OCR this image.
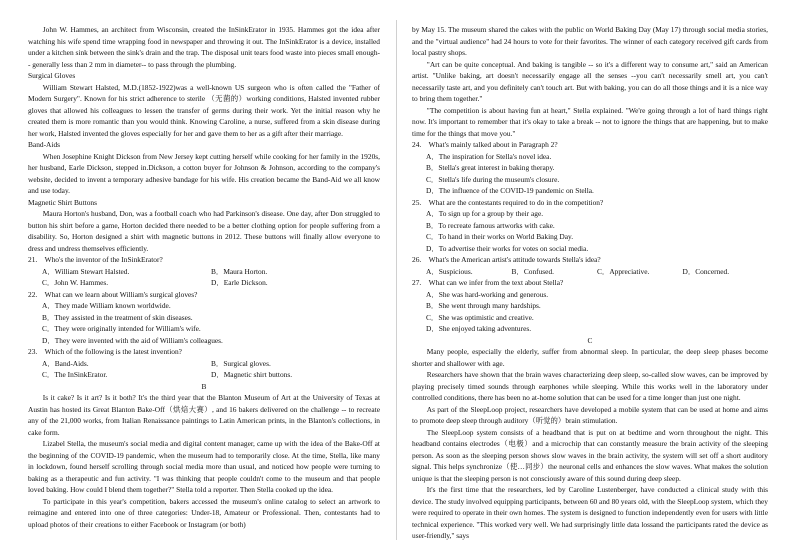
John W. Hammes, an architect from Wisconsin, created the InSinkErator in 1935. Hammes got the idea after watching his wife spend time wrapping food in newspaper and throwing it out. The InSinkErator is a device, installed under a kitchen sink between the sink's drain and the trap. The disposal unit tears food waste into pieces small enough-- generally less than 2 mm in diameter-- to pass through the plumbing.

Surgical Gloves

William Stewart Halsted, M.D.(1852-1922)was a well-known US surgeon who is often called the "Father of Modern Surgery". Known for his strict adherence to sterile （无菌的）working conditions, Halsted invented rubber gloves that allowed his colleagues to lessen the transfer of germs during their work. Yet the initial reason why he created them is more romantic than you would think. Knowing Caroline, a nurse, suffered from a skin disease during her work, Halsted invented the gloves especially for her and gave them to her as a gift after their marriage.

Band-Aids

When Josephine Knight Dickson from New Jersey kept cutting herself while cooking for her family in the 1920s, her husband, Earle Dickson, stepped in.Dickson, a cotton buyer for Johnson & Johnson, according to the company's website, decided to invent a temporary adhesive bandage for his wife. His creation became the Band-Aid we all know and use today.

Magnetic Shirt Buttons

Maura Horton's husband, Don, was a football coach who had Parkinson's disease. One day, after Don struggled to button his shirt before a game, Horton decided there needed to be a better clothing option for people suffering from a disability. So, Horton designed a shirt with magnetic buttons in 2012. These buttons will finally allow everyone to dress and undress themselves efficiently.

21.　Who's the inventor of the InSinkErator?

A．William Stewart Halsted.	B．Maura Horton.
C．John W. Hammes.	D．Earle Dickson.

22.　What can we learn about William's surgical gloves?

A．They made William known worldwide.

B．They assisted in the treatment of skin diseases.

C．They were originally intended for William's wife.

D．They were invented with the aid of William's colleagues.

23.　Which of the following is the latest invention?

A．Band-Aids.	B．Surgical gloves.
C．The InSinkErator.	D．Magnetic shirt buttons.

B

Is it cake? Is it art? Is it both? It's the third year that the Blanton Museum of Art at the University of Texas at Austin has hosted its Great Blanton Bake-Off（烘焙大赛）, and 16 bakers delivered on the challenge -- to recreate any of the 21,000 works, from Italian Renaissance paintings to Latin American prints, in the Blanton's collections, in cake form.

Lizabel Stella, the museum's social media and digital content manager, came up with the idea of the Bake-Off at the beginning of the COVID-19 pandemic, when the museum had to temporarily close. At the time, Stella, like many in lockdown, found herself scrolling through social media more than usual, and noticed how people were turning to baking as a therapeutic and fun activity. "I was thinking that people couldn't come to the museum and that people loved baking. How could I blend them together?" Stella told a reporter. Then Stella cooked up the idea.

To participate in this year's competition, bakers accessed the museum's online catalog to select an artwork to reimagine and entered into one of three categories: Under-18, Amateur or Professional. Then, contestants had to upload photos of their creations to either Facebook or Instagram (or both)

by May 15. The museum shared the cakes with the public on World Baking Day (May 17) through social media stories, and the "virtual audience" had 24 hours to vote for their favorites. The winner of each category received gift cards from local pastry shops.

"Art can be quite conceptual. And baking is tangible -- so it's a different way to consume art," said an American artist. "Unlike baking, art doesn't necessarily engage all the senses --you can't necessarily smell art, you can't necessarily taste art, and you definitely can't touch art. But with baking, you can do all those things and it is a nice way to bring them together."

"The competition is about having fun at heart," Stella explained. "We're going through a lot of hard things right now. It's important to remember that it's okay to take a break -- not to ignore the things that are happening, but to make time for the things that move you."

24.　What's mainly talked about in Paragraph 2?

A．The inspiration for Stella's novel idea.

B．Stella's great interest in baking therapy.

C．Stella's life during the museum's closure.

D．The influence of the COVID-19 pandemic on Stella.

25.　What are the contestants required to do in the competition?

A．To sign up for a group by their age.

B．To recreate famous artworks with cake.

C．To hand in their works on World Baking Day.

D．To advertise their works for votes on social media.

26.　What's the American artist's attitude towards Stella's idea?

A．Suspicious.	B．Confused.	C．Appreciative.	D．Concerned.

27.　What can we infer from the text about Stella?

A．She was hard-working and generous.

B．She went through many hardships.

C．She was optimistic and creative.

D．She enjoyed taking adventures.

C

Many people, especially the elderly, suffer from abnormal sleep. In particular, the deep sleep phases become shorter and shallower with age.

Researchers have shown that the brain waves characterizing deep sleep, so-called slow waves, can be improved by playing precisely timed sounds through earphones while sleeping. While this works well in the laboratory under controlled conditions, there has been no at-home solution that can be used for a time longer than just one night.

As part of the SleepLoop project, researchers have developed a mobile system that can be used at home and aims to promote deep sleep through auditory（听觉的）brain stimulation.

The SleepLoop system consists of a headband that is put on at bedtime and worn throughout the night. This headband contains electrodes（电极）and a microchip that can constantly measure the brain activity of the sleeping person. As soon as the sleeping person shows slow waves in the brain activity, the system will set off a short auditory signal. This helps synchronize（使…同步）the neuronal cells and enhances the slow waves. What makes the solution unique is that the sleeping person is not consciously aware of this sound during deep sleep.

It's the first time that the researchers, led by Caroline Lustenberger, have conducted a clinical study with this device. The study involved equipping participants, between 60 and 80 years old, with the SleepLoop system, which they were required to operate in their own homes. The system is designed to function independently even for users with little technical experience. "This worked very well. We had surprisingly little data lossand the participants rated the device as user-friendly," says
